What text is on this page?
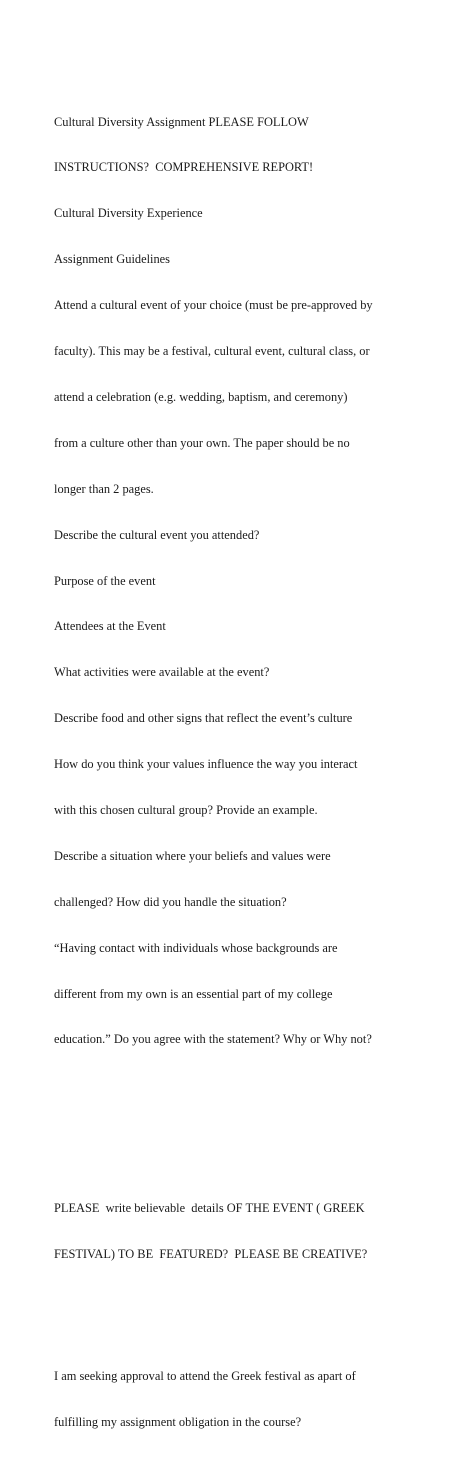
Cultural Diversity Assignment PLEASE FOLLOW

INSTRUCTIONS?  COMPREHENSIVE REPORT!

Cultural Diversity Experience

Assignment Guidelines

Attend a cultural event of your choice (must be pre-approved by

faculty). This may be a festival, cultural event, cultural class, or

attend a celebration (e.g. wedding, baptism, and ceremony)

from a culture other than your own. The paper should be no

longer than 2 pages.

Describe the cultural event you attended?

Purpose of the event

Attendees at the Event

What activities were available at the event?

Describe food and other signs that reflect the event’s culture

How do you think your values influence the way you interact

with this chosen cultural group? Provide an example.

Describe a situation where your beliefs and values were

challenged? How did you handle the situation?

“Having contact with individuals whose backgrounds are

different from my own is an essential part of my college

education.” Do you agree with the statement? Why or Why not?

PLEASE  write believable  details OF THE EVENT ( GREEK

FESTIVAL) TO BE  FEATURED?  PLEASE BE CREATIVE?

I am seeking approval to attend the Greek festival as apart of

fulfilling my assignment obligation in the course?
